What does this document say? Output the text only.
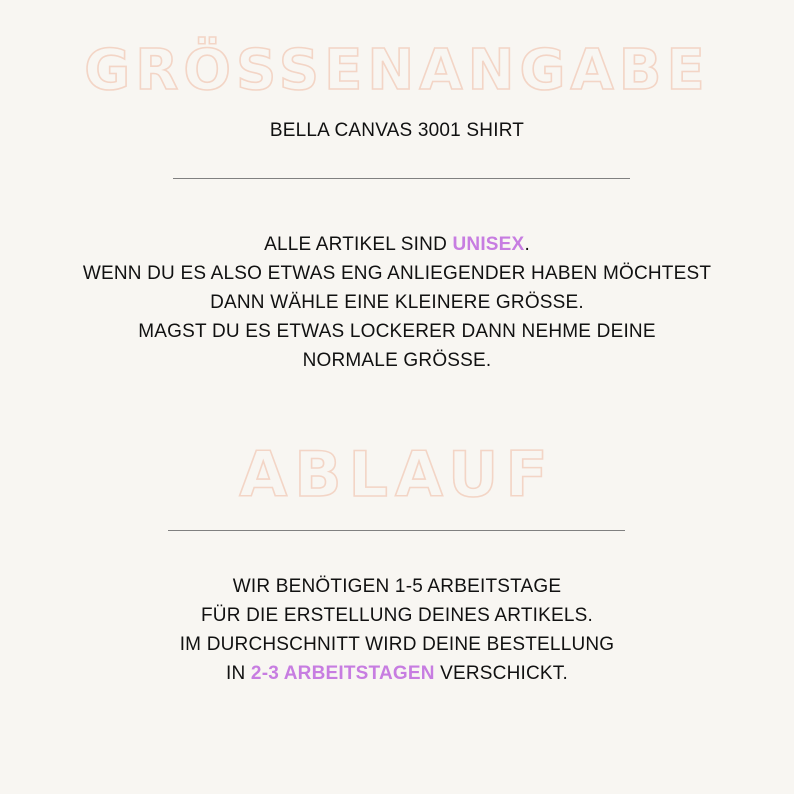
GRÖSSENANGABE
BELLA CANVAS 3001 SHIRT
ALLE ARTIKEL SIND UNISEX.
WENN DU ES ALSO ETWAS ENG ANLIEGENDER HABEN MÖCHTEST
DANN WÄHLE EINE KLEINERE GRÖSSE.
MAGST DU ES ETWAS LOCKERER DANN NEHME DEINE
NORMALE GRÖSSE.
ABLAUF
WIR BENÖTIGEN 1-5 ARBEITSTAGE
FÜR DIE ERSTELLUNG DEINES ARTIKELS.
IM DURCHSCHNITT WIRD DEINE BESTELLUNG
IN 2-3 ARBEITSTAGEN VERSCHICKT.
